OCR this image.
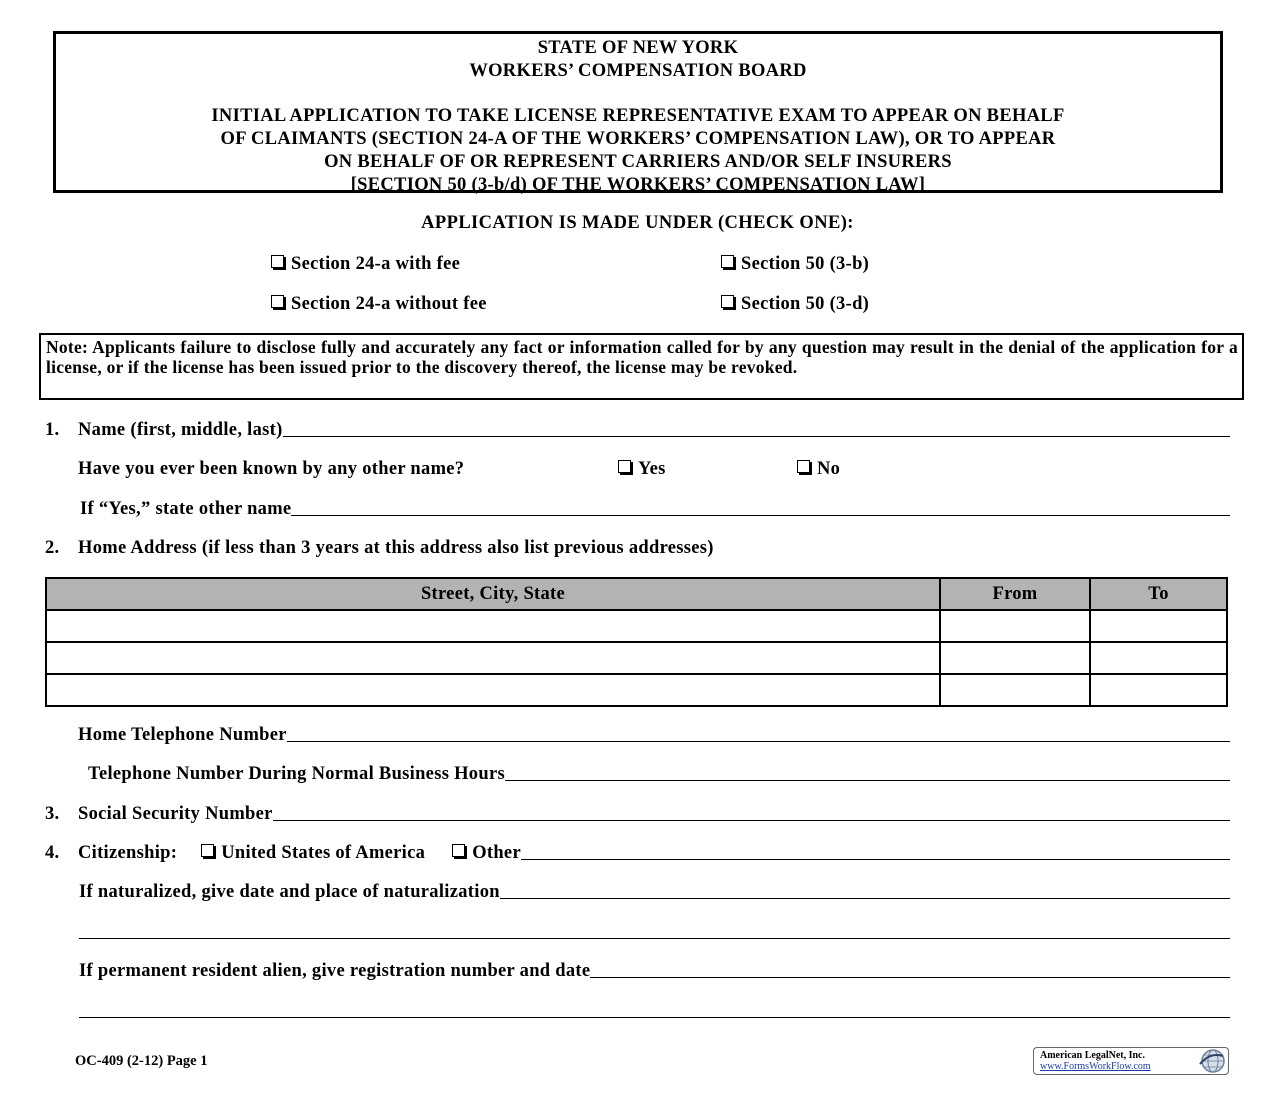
STATE OF NEW YORK
WORKERS’ COMPENSATION BOARD
INITIAL APPLICATION TO TAKE LICENSE REPRESENTATIVE EXAM TO APPEAR ON BEHALF
OF CLAIMANTS (SECTION 24-A OF THE WORKERS’ COMPENSATION LAW), OR TO APPEAR
ON BEHALF OF OR REPRESENT CARRIERS AND/OR SELF INSURERS
[SECTION 50 (3-b/d) OF THE WORKERS’ COMPENSATION LAW]
APPLICATION IS MADE UNDER (CHECK ONE):
Section 24-a with fee	Section 50 (3-b)
Section 24-a without fee	Section 50 (3-d)
Note: Applicants failure to disclose fully and accurately any fact or information called for by any question may result in the denial of the application for a license, or if the license has been issued prior to the discovery thereof, the license may be revoked.
1.	Name (first, middle, last)
Have you ever been known by any other name?	Yes	No
If “Yes,” state other name
2.	Home Address (if less than 3 years at this address also list previous addresses)
Street, City, State	From	To

Home Telephone Number
Telephone Number During Normal Business Hours
3.	Social Security Number
4.	Citizenship:	United States of America	Other
If naturalized, give date and place of naturalization
If permanent resident alien, give registration number and date
OC-409 (2-12) Page 1	American LegalNet, Inc.
www.FormsWorkFlow.com
